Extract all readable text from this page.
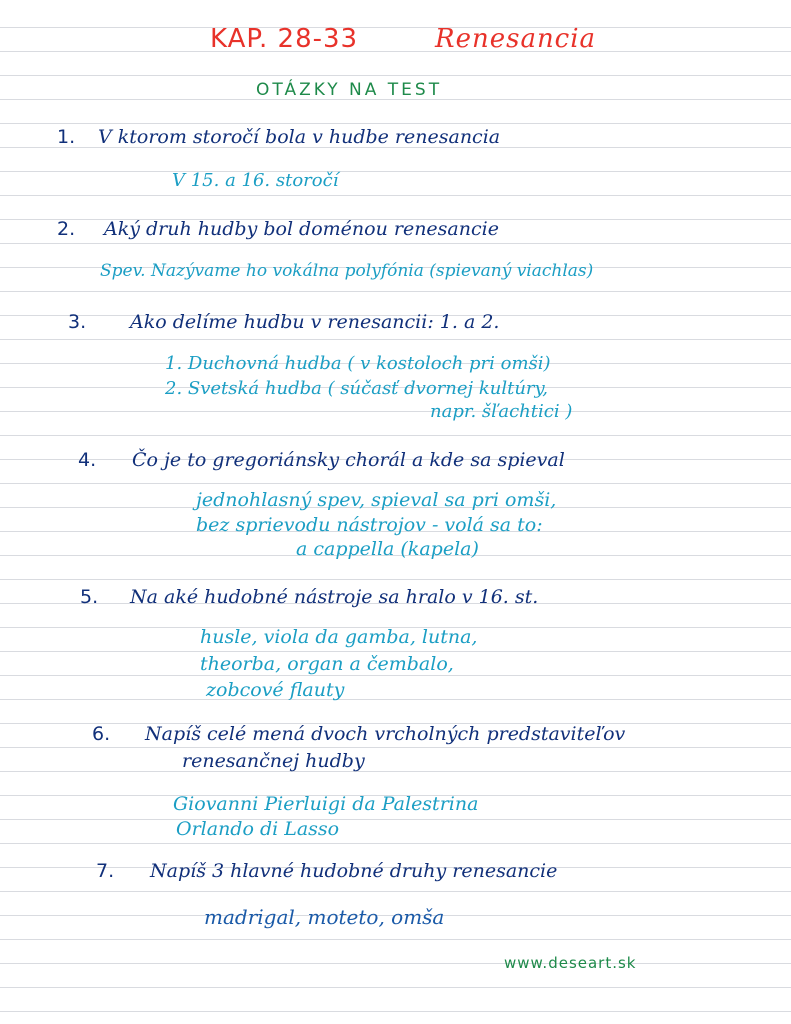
KAP. 28-33	Renesancia
OTÁZKY NA TEST
1. V ktorom storočí bola v hudbe renesancia
V 15. a 16. storočí
2. Aký druh hudby bol doménou renesancie
Spev. Nazývame ho vokálna polyfónia (spievaný viachlas)
3. Ako delíme hudbu v renesancii: 1. a 2.
1. Duchovná hudba ( v kostoloch pri omši)
2. Svetská hudba ( súčasť dvornej kultúry,
napr. šľachtici )
4. Čo je to gregoriánsky chorál a kde sa spieval
jednohlasný spev, spieval sa pri omši,
bez sprievodu nástrojov - volá sa to:
a cappella (kapela)
5. Na aké hudobné nástroje sa hralo v 16. st.
husle, viola da gamba, lutna,
theorba, organ a čembalo,
zobcové flauty
6. Napíš celé mená dvoch vrcholných predstaviteľov
renesančnej hudby
Giovanni Pierluigi da Palestrina
Orlando di Lasso
7. Napíš 3 hlavné hudobné druhy renesancie
madrigal, moteto, omša
www.deseart.sk
